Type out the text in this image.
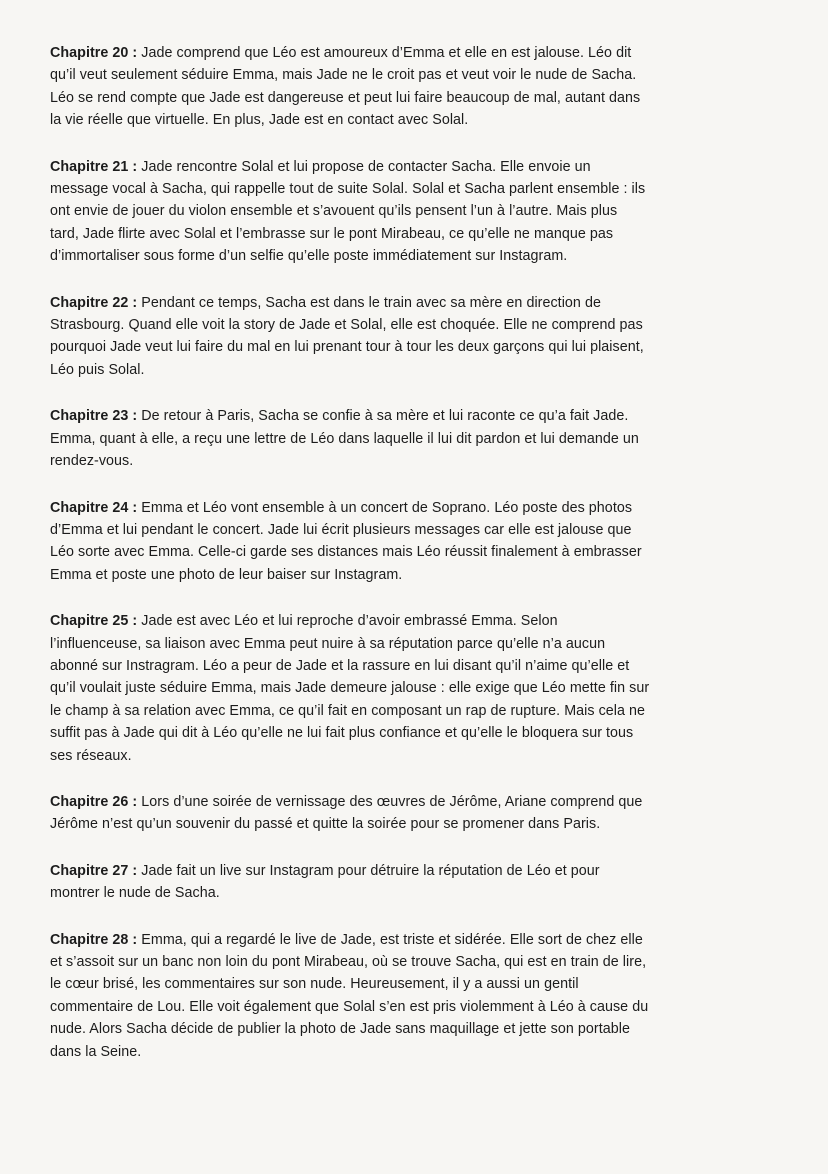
Chapitre 20 : Jade comprend que Léo est amoureux d’Emma et elle en est jalouse. Léo dit qu’il veut seulement séduire Emma, mais Jade ne le croit pas et veut voir le nude de Sacha. Léo se rend compte que Jade est dangereuse et peut lui faire beaucoup de mal, autant dans la vie réelle que virtuelle. En plus, Jade est en contact avec Solal.

Chapitre 21 : Jade rencontre Solal et lui propose de contacter Sacha. Elle envoie un message vocal à Sacha, qui rappelle tout de suite Solal. Solal et Sacha parlent ensemble : ils ont envie de jouer du violon ensemble et s’avouent qu’ils pensent l’un à l’autre. Mais plus tard, Jade flirte avec Solal et l’embrasse sur le pont Mirabeau, ce qu’elle ne manque pas d’immortaliser sous forme d’un selfie qu’elle poste immédiatement sur Instagram.

Chapitre 22 : Pendant ce temps, Sacha est dans le train avec sa mère en direction de Strasbourg. Quand elle voit la story de Jade et Solal, elle est choquée. Elle ne comprend pas pourquoi Jade veut lui faire du mal en lui prenant tour à tour les deux garçons qui lui plaisent, Léo puis Solal.

Chapitre 23 : De retour à Paris, Sacha se confie à sa mère et lui raconte ce qu’a fait Jade. Emma, quant à elle, a reçu une lettre de Léo dans laquelle il lui dit pardon et lui demande un rendez-vous.

Chapitre 24 : Emma et Léo vont ensemble à un concert de Soprano. Léo poste des photos d’Emma et lui pendant le concert. Jade lui écrit plusieurs messages car elle est jalouse que Léo sorte avec Emma. Celle-ci garde ses distances mais Léo réussit finalement à embrasser Emma et poste une photo de leur baiser sur Instagram.

Chapitre 25 : Jade est avec Léo et lui reproche d’avoir embrassé Emma. Selon l’influenceuse, sa liaison avec Emma peut nuire à sa réputation parce qu’elle n’a aucun abonné sur Instragram. Léo a peur de Jade et la rassure en lui disant qu’il n’aime qu’elle et qu’il voulait juste séduire Emma, mais Jade demeure jalouse : elle exige que Léo mette fin sur le champ à sa relation avec Emma, ce qu’il fait en composant un rap de rupture. Mais cela ne suffit pas à Jade qui dit à Léo qu’elle ne lui fait plus confiance et qu’elle le bloquera sur tous ses réseaux.

Chapitre 26 : Lors d’une soirée de vernissage des œuvres de Jérôme, Ariane comprend que Jérôme n’est qu’un souvenir du passé et quitte la soirée pour se promener dans Paris.

Chapitre 27 : Jade fait un live sur Instagram pour détruire la réputation de Léo et pour montrer le nude de Sacha.

Chapitre 28 : Emma, qui a regardé le live de Jade, est triste et sidérée. Elle sort de chez elle et s’assoit sur un banc non loin du pont Mirabeau, où se trouve Sacha, qui est en train de lire, le cœur brisé, les commentaires sur son nude. Heureusement, il y a aussi un gentil commentaire de Lou. Elle voit également que Solal s’en est pris violemment à Léo à cause du nude. Alors Sacha décide de publier la photo de Jade sans maquillage et jette son portable dans la Seine.
